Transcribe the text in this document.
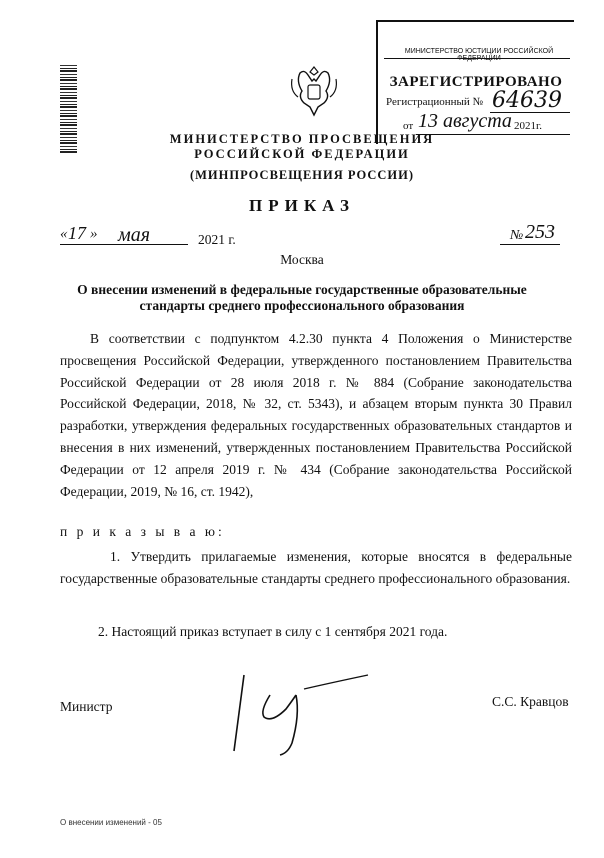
МИНИСТЕРСТВО ЮСТИЦИИ РОССИЙСКОЙ ФЕДЕРАЦИИ
ЗАРЕГИСТРИРОВАНО
Регистрационный № 64639
от 13 августа 2021г.
МИНИСТЕРСТВО ПРОСВЕЩЕНИЯ
РОССИЙСКОЙ ФЕДЕРАЦИИ
(МИНПРОСВЕЩЕНИЯ РОССИИ)
ПРИКАЗ
« 17 » мая	2021 г.	№ 253
Москва
О внесении изменений в федеральные государственные образовательные стандарты среднего профессионального образования
В соответствии с подпунктом 4.2.30 пункта 4 Положения о Министерстве просвещения Российской Федерации, утвержденного постановлением Правительства Российской Федерации от 28 июля 2018 г. № 884 (Собрание законодательства Российской Федерации, 2018, № 32, ст. 5343), и абзацем вторым пункта 30 Правил разработки, утверждения федеральных государственных образовательных стандартов и внесения в них изменений, утвержденных постановлением Правительства Российской Федерации от 12 апреля 2019 г. № 434 (Собрание законодательства Российской Федерации, 2019, № 16, ст. 1942),
п р и к а з ы в а ю:
1. Утвердить прилагаемые изменения, которые вносятся в федеральные государственные образовательные стандарты среднего профессионального образования.
2. Настоящий приказ вступает в силу с 1 сентября 2021 года.
Министр	С.С. Кравцов
О внесении изменений - 05
